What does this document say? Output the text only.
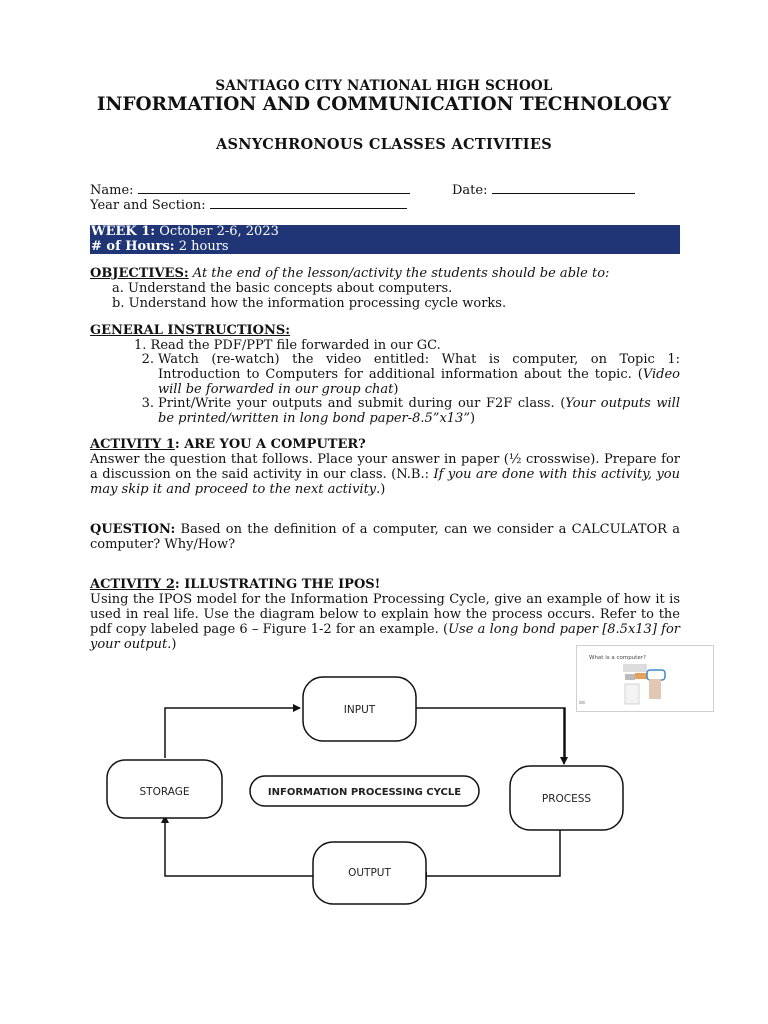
SANTIAGO CITY NATIONAL HIGH SCHOOL
INFORMATION AND COMMUNICATION TECHNOLOGY
ASNYCHRONOUS CLASSES ACTIVITIES
Name:	Date:
Year and Section:
WEEK 1: October 2-6, 2023
# of Hours: 2 hours
OBJECTIVES: At the end of the lesson/activity the students should be able to:
a. Understand the basic concepts about computers.
b. Understand how the information processing cycle works.
GENERAL INSTRUCTIONS:
1. Read the PDF/PPT file forwarded in our GC.
2. Watch (re-watch) the video entitled: What is computer, on Topic 1: Introduction to Computers for additional information about the topic. (Video will be forwarded in our group chat)
3. Print/Write your outputs and submit during our F2F class. (Your outputs will be printed/written in long bond paper-8.5”x13”)
ACTIVITY 1: ARE YOU A COMPUTER?
Answer the question that follows. Place your answer in paper (½ crosswise). Prepare for a discussion on the said activity in our class. (N.B.: If you are done with this activity, you may skip it and proceed to the next activity.)
QUESTION: Based on the definition of a computer, can we consider a CALCULATOR a computer? Why/How?
ACTIVITY 2: ILLUSTRATING THE IPOS!
Using the IPOS model for the Information Processing Cycle, give an example of how it is used in real life. Use the diagram below to explain how the process occurs. Refer to the pdf copy labeled page 6 – Figure 1-2 for an example. (Use a long bond paper [8.5x13] for your output.)
What is a computer?
INPUT
STORAGE	INFORMATION PROCESSING CYCLE
PROCESS
OUTPUT
